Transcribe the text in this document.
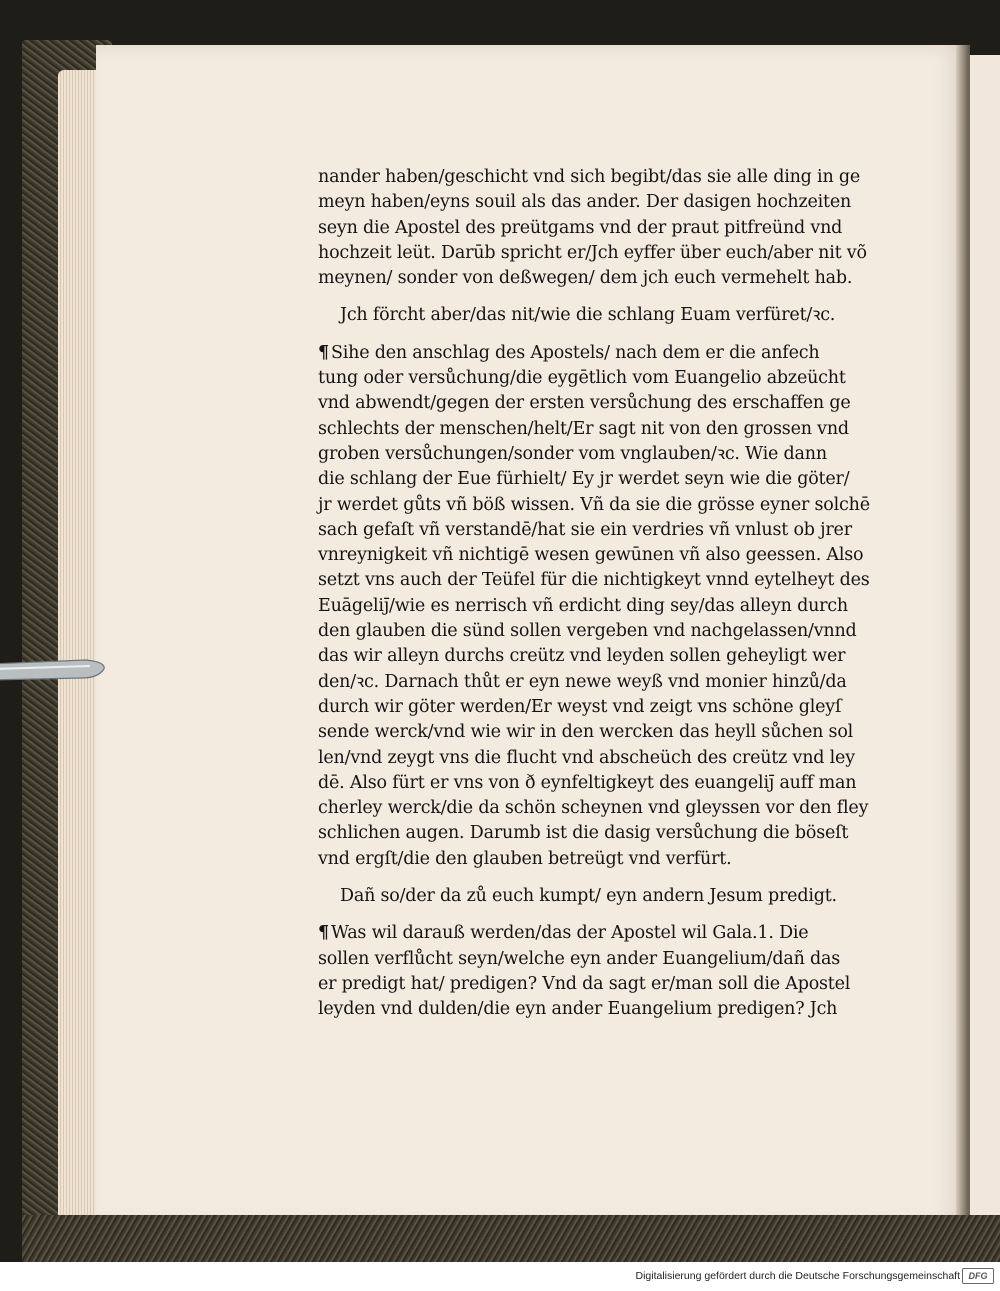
nander haben/geschicht vnd sich begibt/das sie alle ding in ge
meyn haben/eyns souil als das ander. Der dasigen hochzeiten
seyn die Apostel des preütgams vnd der praut pitfreünd vnd
hochzeit leüt. Darūb spricht er/Jch eyffer über euch/aber nit võ
meynen/ sonder von deßwegen/ dem jch euch vermehelt hab.
Jch förcht aber/das nit/wie die schlang Euam verfüret/ꝛc.
¶ Sihe den anschlag des Apostels/ nach dem er die anfech
tung oder versůchung/die eygētlich vom Euangelio abzeücht
vnd abwendt/gegen der ersten versůchung des erschaffen ge
schlechts der menschen/helt/Er sagt nit von den grossen vnd
groben versůchungen/sonder vom vnglauben/ꝛc. Wie dann
die schlang der Eue fürhielt/ Ey jr werdet seyn wie die göter/
jr werdet gůts vñ böß wissen. Vñ da sie die grösse eyner solchē
sach gefaſt vñ verstandē/hat sie ein verdries vñ vnlust ob jrer
vnreynigkeit vñ nichtigē wesen gewūnen vñ also geessen. Also
setzt vns auch der Teüfel für die nichtigkeyt vnnd eytelheyt des
Euāgeliȷ̄/wie es nerrisch vñ erdicht ding sey/das alleyn durch
den glauben die sünd sollen vergeben vnd nachgelassen/vnnd
das wir alleyn durchs creütz vnd leyden sollen geheyligt wer
den/ꝛc. Darnach thůt er eyn newe weyß vnd monier hinzů/da
durch wir göter werden/Er weyst vnd zeigt vns schöne gleyſ
sende werck/vnd wie wir in den wercken das heyll sůchen sol
len/vnd zeygt vns die flucht vnd abscheüch des creütz vnd ley
dē. Also fürt er vns von ð eynfeltigkeyt des euangeliȷ̄ auff man
cherley werck/die da schön scheynen vnd gleyssen vor den fley
schlichen augen. Darumb ist die dasig versůchung die böseſt
vnd ergſt/die den glauben betreügt vnd verfürt.
Dañ so/der da zů euch kumpt/ eyn andern Jesum predigt.
¶ Was wil darauß werden/das der Apostel wil Gala.1. Die
sollen verflůcht seyn/welche eyn ander Euangelium/dañ das
er predigt hat/ predigen? Vnd da sagt er/man soll die Apostel
leyden vnd dulden/die eyn ander Euangelium predigen? Jch
Digitalisierung gefördert durch die Deutsche Forschungsgemeinschaft DFG
